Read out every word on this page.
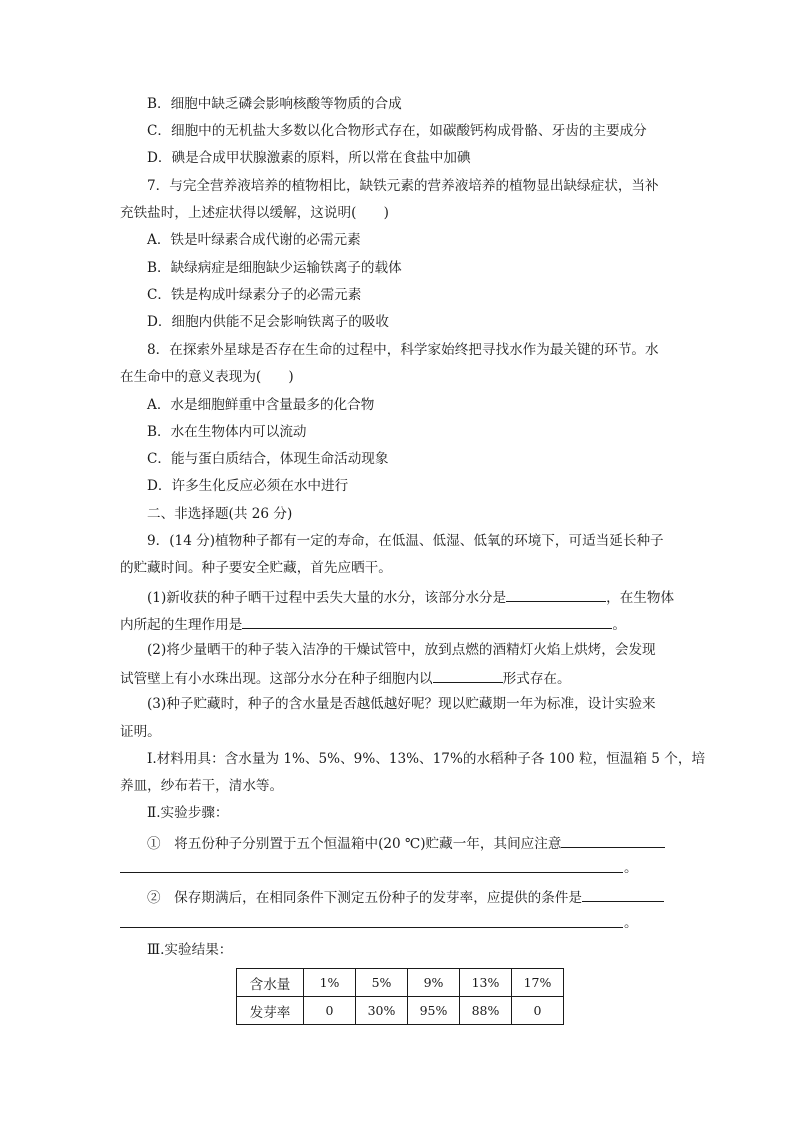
B．细胞中缺乏磷会影响核酸等物质的合成
C．细胞中的无机盐大多数以化合物形式存在，如碳酸钙构成骨骼、牙齿的主要成分
D．碘是合成甲状腺激素的原料，所以常在食盐中加碘
7．与完全营养液培养的植物相比，缺铁元素的营养液培养的植物显出缺绿症状，当补
充铁盐时，上述症状得以缓解，这说明(　　)
A．铁是叶绿素合成代谢的必需元素
B．缺绿病症是细胞缺少运输铁离子的载体
C．铁是构成叶绿素分子的必需元素
D．细胞内供能不足会影响铁离子的吸收
8．在探索外星球是否存在生命的过程中，科学家始终把寻找水作为最关键的环节。水
在生命中的意义表现为(　　)
A．水是细胞鲜重中含量最多的化合物
B．水在生物体内可以流动
C．能与蛋白质结合，体现生命活动现象
D．许多生化反应必须在水中进行
二、非选择题(共 26 分)
9．(14 分)植物种子都有一定的寿命，在低温、低湿、低氧的环境下，可适当延长种子
的贮藏时间。种子要安全贮藏，首先应晒干。
(1)新收获的种子晒干过程中丢失大量的水分，该部分水分是	，在生物体
内所起的生理作用是	。
(2)将少量晒干的种子装入洁净的干燥试管中，放到点燃的酒精灯火焰上烘烤，会发现
试管壁上有小水珠出现。这部分水分在种子细胞内以	形式存在。
(3)种子贮藏时，种子的含水量是否越低越好呢？现以贮藏期一年为标准，设计实验来
证明。
Ⅰ.材料用具：含水量为 1%、5%、9%、13%、17%的水稻种子各 100 粒，恒温箱 5 个，培
养皿，纱布若干，清水等。
Ⅱ.实验步骤：
①　将五份种子分别置于五个恒温箱中(20 ℃)贮藏一年，其间应注意
。
②　保存期满后，在相同条件下测定五份种子的发芽率，应提供的条件是
。
Ⅲ.实验结果：
含水量	1%	5%	9%	13%	17%
发芽率	0	30%	95%	88%	0
